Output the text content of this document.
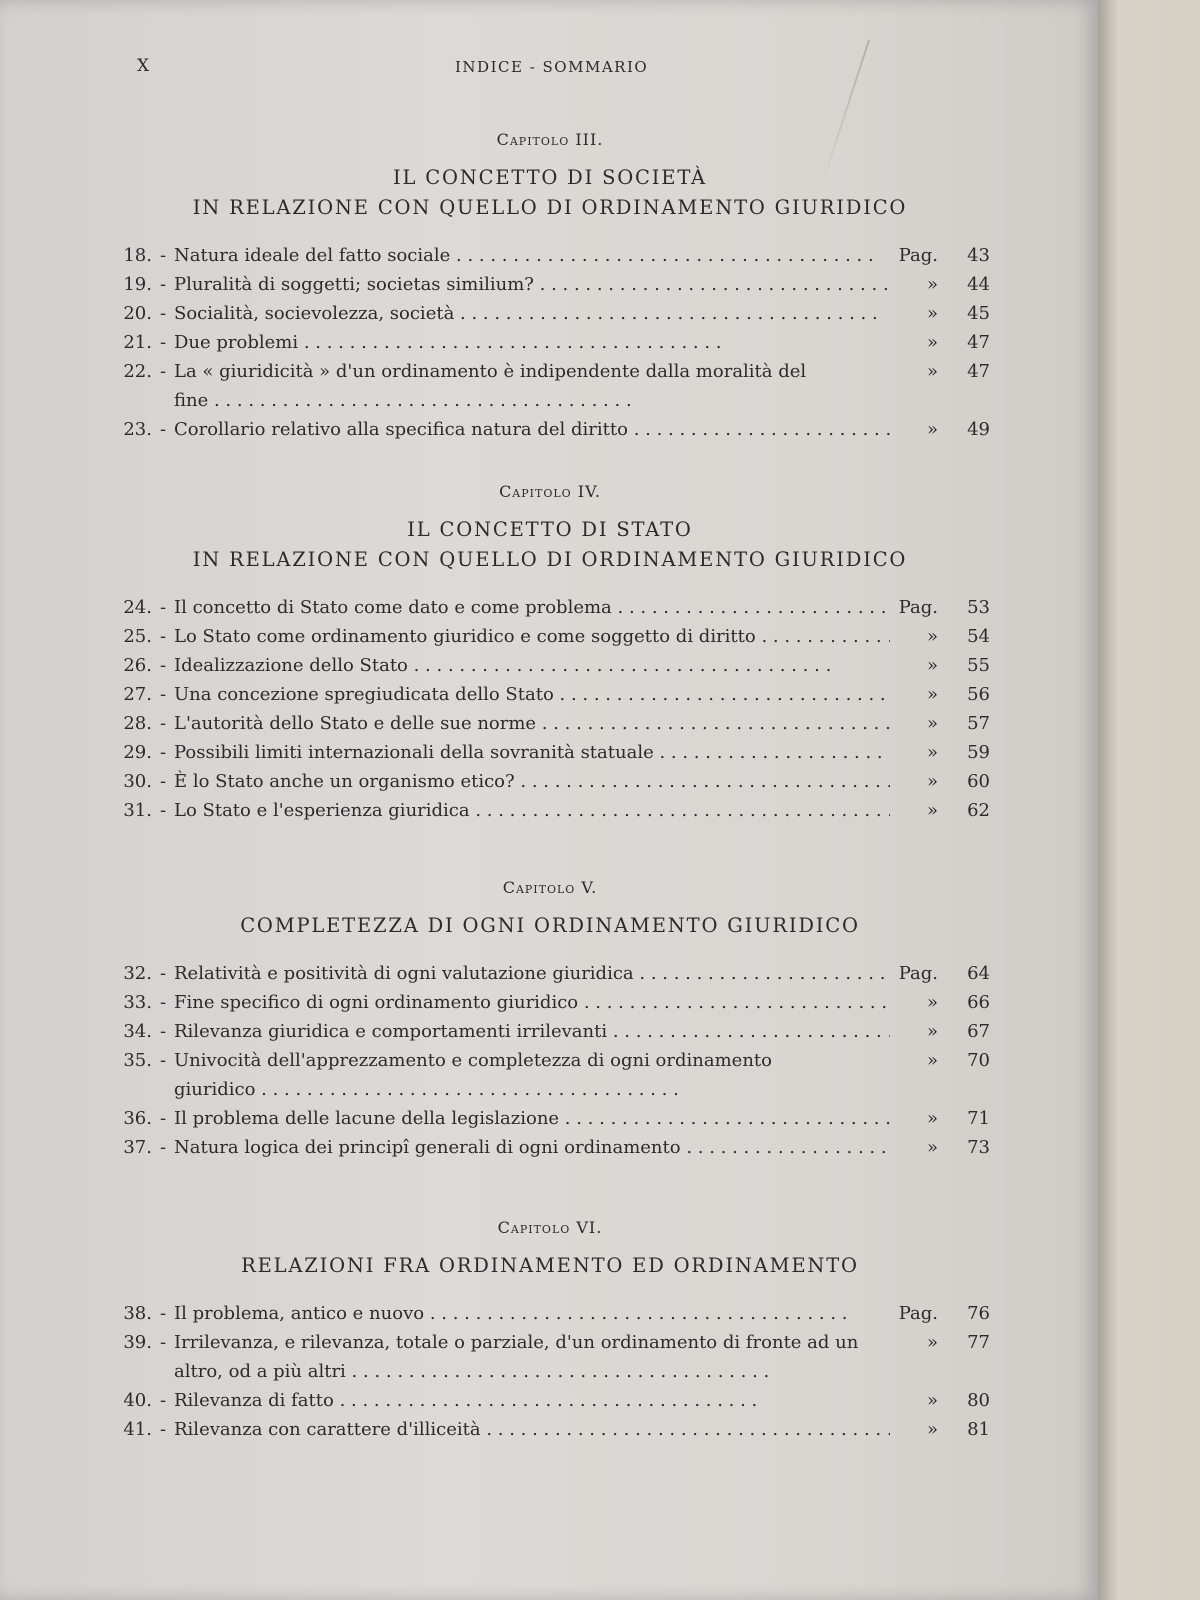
X	INDICE - SOMMARIO
Capitolo III.
IL CONCETTO DI SOCIETÀ
IN RELAZIONE CON QUELLO DI ORDINAMENTO GIURIDICO
18. - Natura ideale del fatto sociale . .	Pag.	43
19. - Pluralità di soggetti; societas similium? . .	»	44
20. - Socialità, socievolezza, società . .	»	45
21. - Due problemi . .	»	47
22. - La « giuridicità » d'un ordinamento è indipendente dalla moralità del fine . .
»	47
23. - Corollario relativo alla specifica natura del diritto . .	»	49
Capitolo IV.
IL CONCETTO DI STATO
IN RELAZIONE CON QUELLO DI ORDINAMENTO GIURIDICO
24. - Il concetto di Stato come dato e come problema . .	Pag.	53
25. - Lo Stato come ordinamento giuridico e come soggetto di diritto . .	»	54
26. - Idealizzazione dello Stato . .	»	55
27. - Una concezione spregiudicata dello Stato . .	»	56
28. - L'autorità dello Stato e delle sue norme . .	»	57
29. - Possibili limiti internazionali della sovranità statuale . .	»	59
30. - È lo Stato anche un organismo etico? . .	»	60
31. - Lo Stato e l'esperienza giuridica . .	»	62
Capitolo V.
COMPLETEZZA DI OGNI ORDINAMENTO GIURIDICO
32. - Relatività e positività di ogni valutazione giuridica . .	Pag.	64
33. - Fine specifico di ogni ordinamento giuridico . .	»	66
34. - Rilevanza giuridica e comportamenti irrilevanti . .	»	67
35. - Univocità dell'apprezzamento e completezza di ogni ordinamento giuridico . .
»	70
36. - Il problema delle lacune della legislazione . .	»	71
37. - Natura logica dei principî generali di ogni ordinamento . .	»	73
Capitolo VI.
RELAZIONI FRA ORDINAMENTO ED ORDINAMENTO
38. - Il problema, antico e nuovo . .	Pag.	76
39. - Irrilevanza, e rilevanza, totale o parziale, d'un ordinamento di fronte ad un altro, od a più altri . .
»	77
40. - Rilevanza di fatto . .	»	80
41. - Rilevanza con carattere d'illiceità . .	»	81
